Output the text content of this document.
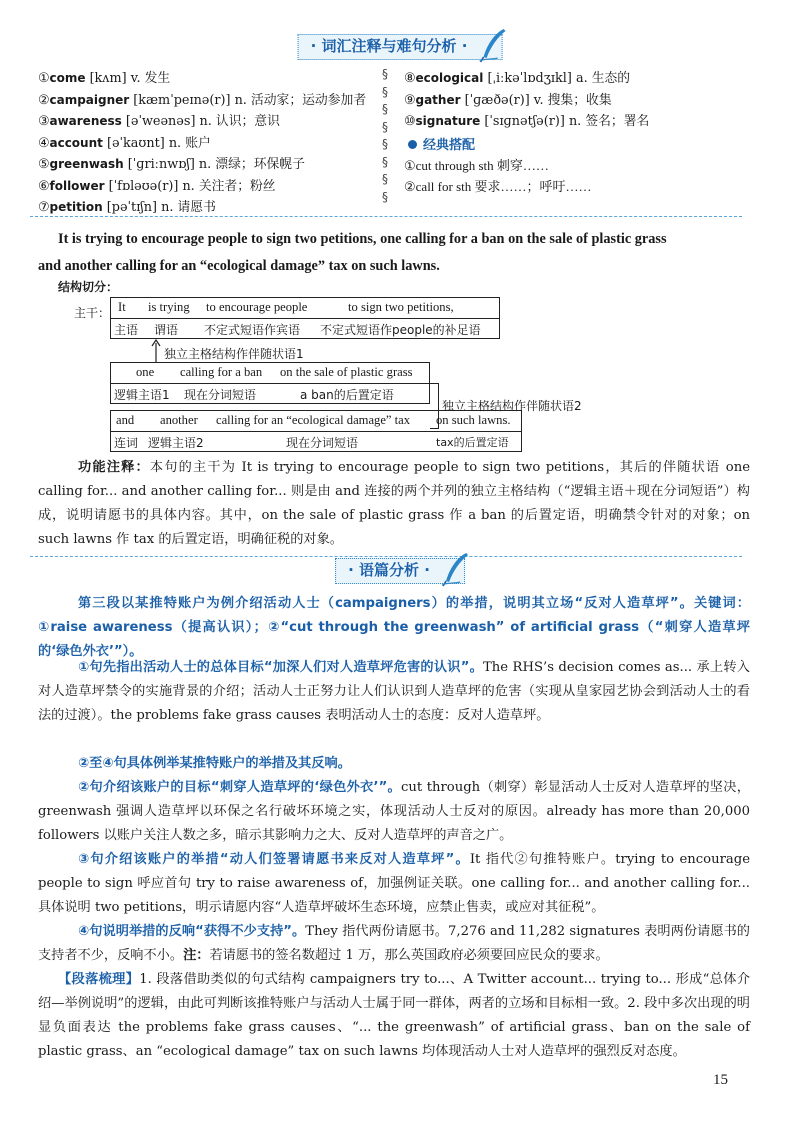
· 词汇注释与难句分析 ·
①come [kʌm] v. 发生
②campaigner [kæmˈpeɪnə(r)] n. 活动家；运动参加者
③awareness [əˈweənəs] n. 认识；意识
④account [əˈkaʊnt] n. 账户
⑤greenwash [ˈɡriːnwɒʃ] n. 漂绿；环保幌子
⑥follower [ˈfɒləʊə(r)] n. 关注者；粉丝
⑦petition [pəˈtɪʃn] n. 请愿书
§
§
§
§
§
§
§
§
⑧ecological [ˌiːkəˈlɒdʒɪkl] a. 生态的
⑨gather [ˈɡæðə(r)] v. 搜集；收集
⑩signature [ˈsɪɡnətʃə(r)] n. 签名；署名
经典搭配
①cut through sth 刺穿……
②call for sth 要求……；呼吁……
It is trying to encourage people to sign two petitions, one calling for a ban on the sale of plastic grass
and another calling for an “ecological damage” tax on such lawns.
结构切分：
主干： It
主语
is trying
谓语
to encourage people
不定式短语作宾语
to sign two petitions,
不定式短语作people的补足语
独立主格结构作伴随状语1
one
逻辑主语1
calling for a ban
现在分词短语
on the sale of plastic grass
a ban的后置定语
独立主格结构作伴随状语2
and
连词
another
逻辑主语2
calling for an “ecological damage” tax
现在分词短语
on such lawns.
tax的后置定语
功能注释：本句的主干为 It is trying to encourage people to sign two petitions，其后的伴随状语 one calling for... and another calling for... 则是由 and 连接的两个并列的独立主格结构（“逻辑主语＋现在分词短语”）构成，说明请愿书的具体内容。其中，on the sale of plastic grass 作 a ban 的后置定语，明确禁令针对的对象；on such lawns 作 tax 的后置定语，明确征税的对象。
· 语篇分析 ·
第三段以某推特账户为例介绍活动人士（campaigners）的举措，说明其立场“反对人造草坪”。关键词：①raise awareness（提高认识）；②“cut through the greenwash” of artificial grass（“刺穿人造草坪的‘绿色外衣’”）。
①句先指出活动人士的总体目标“加深人们对人造草坪危害的认识”。The RHS’s decision comes as... 承上转入对人造草坪禁令的实施背景的介绍；活动人士正努力让人们认识到人造草坪的危害（实现从皇家园艺协会到活动人士的看法的过渡）。the problems fake grass causes 表明活动人士的态度：反对人造草坪。
②至④句具体例举某推特账户的举措及其反响。
②句介绍该账户的目标“刺穿人造草坪的‘绿色外衣’”。cut through（刺穿）彰显活动人士反对人造草坪的坚决，greenwash 强调人造草坪以环保之名行破坏环境之实，体现活动人士反对的原因。already has more than 20,000 followers 以账户关注人数之多，暗示其影响力之大、反对人造草坪的声音之广。
③句介绍该账户的举措“动人们签署请愿书来反对人造草坪”。It 指代②句推特账户。trying to encourage people to sign 呼应首句 try to raise awareness of，加强例证关联。one calling for... and another calling for... 具体说明 two petitions，明示请愿内容“人造草坪破坏生态环境，应禁止售卖，或应对其征税”。
④句说明举措的反响“获得不少支持”。They 指代两份请愿书。7,276 and 11,282 signatures 表明两份请愿书的支持者不少，反响不小。注：若请愿书的签名数超过 1 万，那么英国政府必须要回应民众的要求。
【段落梳理】1. 段落借助类似的句式结构 campaigners try to...、A Twitter account... trying to... 形成“总体介绍—举例说明”的逻辑，由此可判断该推特账户与活动人士属于同一群体，两者的立场和目标相一致。2. 段中多次出现的明显负面表达 the problems fake grass causes、“... the greenwash” of artificial grass、ban on the sale of plastic grass、an “ecological damage” tax on such lawns 均体现活动人士对人造草坪的强烈反对态度。
15
